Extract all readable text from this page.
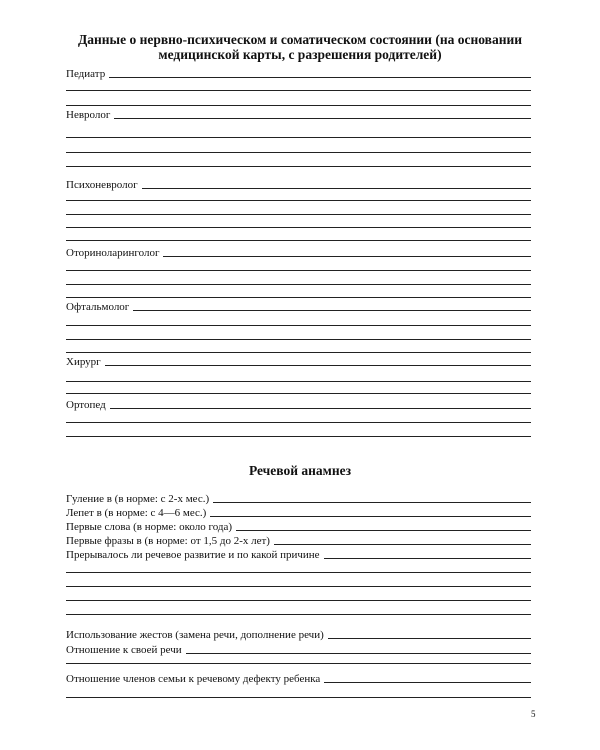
Данные о нервно-психическом и соматическом состоянии (на основании
медицинской карты, с разрешения родителей)
Педиатр
Невролог
Психоневролог
Оториноларинголог
Офтальмолог
Хирург
Ортопед
Речевой анамнез
Гуление в (в норме: с 2-х мес.)
Лепет в (в норме: с 4—6 мес.)
Первые слова (в норме: около года)
Первые фразы в (в норме: от 1,5 до 2-х лет)
Прерывалось ли речевое развитие и по какой причине
Использование жестов (замена речи, дополнение речи)
Отношение к своей речи
Отношение членов семьи к речевому дефекту ребенка
5
